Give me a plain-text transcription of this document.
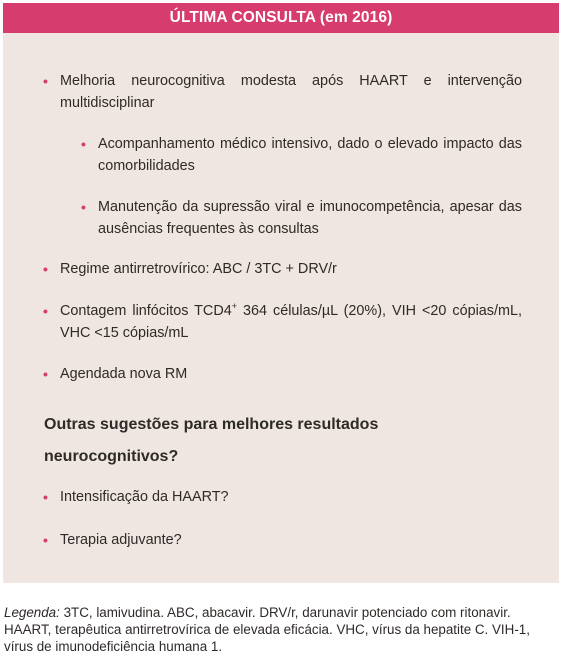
ÚLTIMA CONSULTA (em 2016)
• Melhoria neurocognitiva modesta após HAART e intervenção multidisciplinar
• Acompanhamento médico intensivo, dado o elevado impacto das comorbilidades
• Manutenção da supressão viral e imunocompetência, apesar das ausências frequentes às consultas
• Regime antirretrovírico: ABC / 3TC + DRV/r
• Contagem linfócitos TCD4+ 364 células/µL (20%), VIH <20 cópias/mL, VHC <15 cópias/mL
• Agendada nova RM
Outras sugestões para melhores resultados neurocognitivos?
• Intensificação da HAART?
• Terapia adjuvante?
Legenda: 3TC, lamivudina. ABC, abacavir. DRV/r, darunavir potenciado com ritonavir. HAART, terapêutica antirretrovírica de elevada eficácia. VHC, vírus da hepatite C. VIH-1, vírus de imunodeficiência humana 1.
